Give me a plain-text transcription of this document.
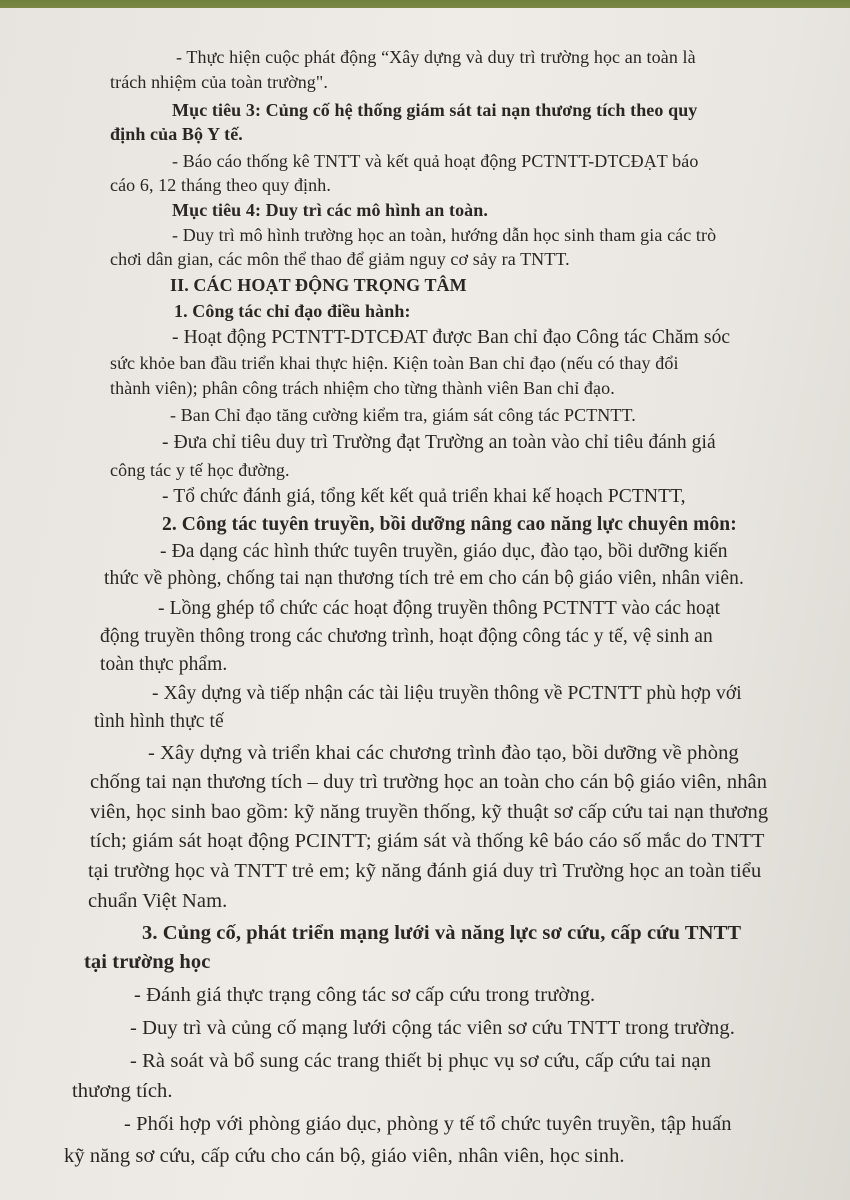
- Thực hiện cuộc phát động “Xây dựng và duy trì trường học an toàn là
trách nhiệm của toàn trường".
Mục tiêu 3: Củng cố hệ thống giám sát tai nạn thương tích theo quy
định của Bộ Y tế.
- Báo cáo thống kê TNTT và kết quả hoạt động PCTNTT-DTCĐẠT báo
cáo 6, 12 tháng theo quy định.
Mục tiêu 4: Duy trì các mô hình an toàn.
- Duy trì mô hình trường học an toàn, hướng dẫn học sinh tham gia các trò
chơi dân gian, các môn thể thao để giảm nguy cơ sảy ra TNTT.
II. CÁC HOẠT ĐỘNG TRỌNG TÂM
1. Công tác chỉ đạo điều hành:
- Hoạt động PCTNTT-DTCĐAT được Ban chỉ đạo Công tác Chăm sóc
sức khỏe ban đầu triển khai thực hiện. Kiện toàn Ban chỉ đạo (nếu có thay đổi
thành viên); phân công trách nhiệm cho từng thành viên Ban chỉ đạo.
- Ban Chỉ đạo tăng cường kiểm tra, giám sát công tác PCTNTT.
- Đưa chỉ tiêu duy trì Trường đạt Trường an toàn vào chỉ tiêu đánh giá
công tác y tế học đường.
- Tổ chức đánh giá, tổng kết kết quả triển khai kế hoạch PCTNTT,
2. Công tác tuyên truyền, bồi dưỡng nâng cao năng lực chuyên môn:
- Đa dạng các hình thức tuyên truyền, giáo dục, đào tạo, bồi dưỡng kiến
thức về phòng, chống tai nạn thương tích trẻ em cho cán bộ giáo viên, nhân viên.
- Lồng ghép tổ chức các hoạt động truyền thông PCTNTT vào các hoạt
động truyền thông trong các chương trình, hoạt động công tác y tế, vệ sinh an
toàn thực phẩm.
- Xây dựng và tiếp nhận các tài liệu truyền thông về PCTNTT phù hợp với
tình hình thực tế
- Xây dựng và triển khai các chương trình đào tạo, bồi dưỡng về phòng
chống tai nạn thương tích – duy trì trường học an toàn cho cán bộ giáo viên, nhân
viên, học sinh bao gồm: kỹ năng truyền thống, kỹ thuật sơ cấp cứu tai nạn thương
tích; giám sát hoạt động PCINTT; giám sát và thống kê báo cáo số mắc do TNTT
tại trường học và TNTT trẻ em; kỹ năng đánh giá duy trì Trường học an toàn tiểu
chuẩn Việt Nam.
3. Củng cố, phát triển mạng lưới và năng lực sơ cứu, cấp cứu TNTT
tại trường học
- Đánh giá thực trạng công tác sơ cấp cứu trong trường.
- Duy trì và củng cố mạng lưới cộng tác viên sơ cứu TNTT trong trường.
- Rà soát và bổ sung các trang thiết bị phục vụ sơ cứu, cấp cứu tai nạn
thương tích.
- Phối hợp với phòng giáo dục, phòng y tế tổ chức tuyên truyền, tập huấn
kỹ năng sơ cứu, cấp cứu cho cán bộ, giáo viên, nhân viên, học sinh.
